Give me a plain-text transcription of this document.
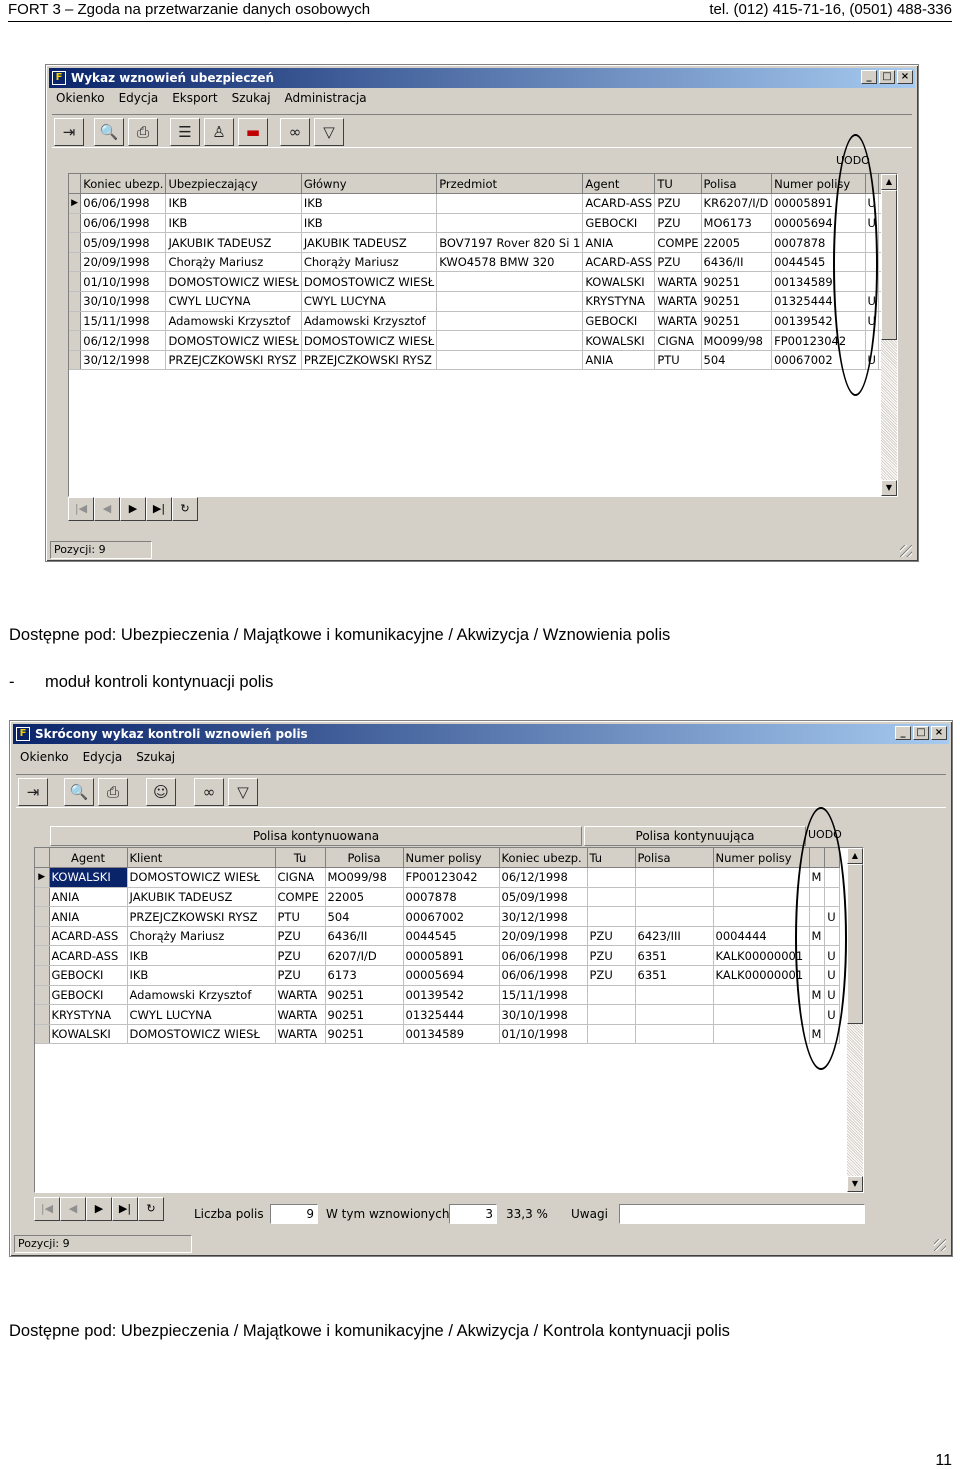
FORT 3 – Zgoda na przetwarzanie danych osobowych	tel. (012) 415-71-16, (0501) 488-336
F Wykaz wznowień ubezpieczeń	_	□ ×
Okienko Edycja Eksport Szukaj Administracja
⇥	🔍	⎙	☰	♙	▬	∞	▽
UODO
	Koniec ubezp.	Ubezpieczający	Główny	Przedmiot	Agent	TU	Polisa	Numer polisy		
▶	06/06/1998	IKB	IKB		ACARD-ASS	PZU	KR6207/I/D	00005891	U	
	06/06/1998	IKB	IKB		GEBOCKI	PZU	MO6173	00005694	U	
	05/09/1998	JAKUBIK TADEUSZ	JAKUBIK TADEUSZ	BOV7197 Rover 820 Si 1	ANIA	COMPE	22005	0007878		
	20/09/1998	Chorąży Mariusz	Chorąży Mariusz	KWO4578 BMW 320	ACARD-ASS	PZU	6436/II	0044545		
	01/10/1998	DOMOSTOWICZ WIESŁ	DOMOSTOWICZ WIESŁ		KOWALSKI	WARTA	90251	00134589		
	30/10/1998	CWYL LUCYNA	CWYL LUCYNA		KRYSTYNA	WARTA	90251	01325444	U	
	15/11/1998	Adamowski Krzysztof	Adamowski Krzysztof		GEBOCKI	WARTA	90251	00139542	U	
	06/12/1998	DOMOSTOWICZ WIESŁ	DOMOSTOWICZ WIESŁ		KOWALSKI	CIGNA	MO099/98	FP00123042		
	30/12/1998	PRZEJCZKOWSKI RYSZ	PRZEJCZKOWSKI RYSZ		ANIA	PTU	504	00067002	U	
▲
▼
|◀	◀	▶	▶|	↻
Pozycji: 9
Dostępne pod: Ubezpieczenia / Majątkowe i komunikacyjne / Akwizycja / Wznowienia polis
- moduł kontroli kontynuacji polis
F Skrócony wykaz kontroli wznowień polis	_	□ ×
Okienko Edycja Szukaj
⇥	🔍	⎙	☺	∞	▽
Polisa kontynuowana	Polisa kontynuująca	UODO
	Agent	Klient	Tu	Polisa	Numer polisy	Koniec ubezp.	Tu	Polisa	Numer polisy		
▶	KOWALSKI	DOMOSTOWICZ WIESŁ	CIGNA	MO099/98	FP00123042	06/12/1998				M	
	ANIA	JAKUBIK TADEUSZ	COMPE	22005	0007878	05/09/1998					
	ANIA	PRZEJCZKOWSKI RYSZ	PTU	504	00067002	30/12/1998					U
	ACARD-ASS	Chorąży Mariusz	PZU	6436/II	0044545	20/09/1998	PZU	6423/III	0004444	M	
	ACARD-ASS	IKB	PZU	6207/I/D	00005891	06/06/1998	PZU	6351	KALK00000001		U
	GEBOCKI	IKB	PZU	6173	00005694	06/06/1998	PZU	6351	KALK00000001		U
	GEBOCKI	Adamowski Krzysztof	WARTA	90251	00139542	15/11/1998				M	U
	KRYSTYNA	CWYL LUCYNA	WARTA	90251	01325444	30/10/1998					U
	KOWALSKI	DOMOSTOWICZ WIESŁ	WARTA	90251	00134589	01/10/1998				M	
▲
▼
|◀	◀	▶	▶|	↻	Liczba polis	9	W tym wznowionych	3	33,3 % Uwagi
Pozycji: 9
Dostępne pod: Ubezpieczenia / Majątkowe i komunikacyjne / Akwizycja / Kontrola kontynuacji polis
11
